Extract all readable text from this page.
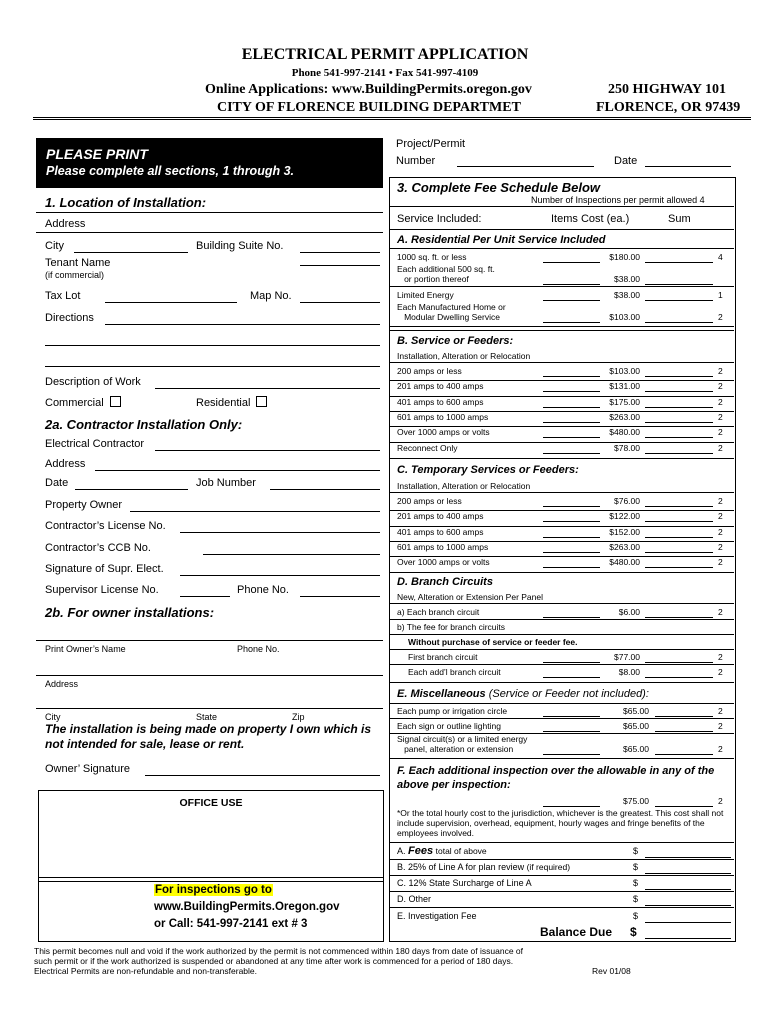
ELECTRICAL PERMIT APPLICATION
Phone 541-997-2141 • Fax 541-997-4109
Online Applications: www.BuildingPermits.oregon.gov
CITY OF FLORENCE BUILDING DEPARTMET
250 HIGHWAY 101
FLORENCE, OR 97439
PLEASE PRINT
Please complete all sections, 1 through 3.
1. Location of Installation:
Address
City	Building Suite No.
Tenant Name
(if commercial)
Tax Lot	Map No.
Directions
Description of Work
Commercial	Residential
2a. Contractor Installation Only:
Electrical Contractor
Address
Date	Job Number
Property Owner
Contractor’s License No.
Contractor’s CCB No.
Signature of Supr. Elect.
Supervisor License No.	Phone No.
2b. For owner installations:
Print Owner’s Name	Phone No.
Address
City	State	Zip
The installation is being made on property I own which is not intended for sale, lease or rent.
Owner’ Signature
OFFICE USE
For inspections go to
www.BuildingPermits.Oregon.gov
or Call: 541-997-2141 ext # 3
Project/Permit
Number	Date
3. Complete Fee Schedule Below
Number of Inspections per permit allowed 4
Service Included:	Items Cost (ea.)	Sum
A. Residential Per Unit Service Included
1000 sq. ft. or less	$180.00	4
Each additional 500 sq. ft.
or portion thereof	$38.00
Limited Energy	$38.00	1
Each Manufactured Home or
Modular Dwelling Service	$103.00	2
B. Service or Feeders:
Installation, Alteration or Relocation
200 amps or less	$103.00	2
201 amps to 400 amps	$131.00	2
401 amps to 600 amps	$175.00	2
601 amps to 1000 amps	$263.00	2
Over 1000 amps or volts	$480.00	2
Reconnect Only	$78.00	2
C. Temporary Services or Feeders:
Installation, Alteration or Relocation
200 amps or less	$76.00	2
201 amps to 400 amps	$122.00	2
401 amps to 600 amps	$152.00	2
601 amps to 1000 amps	$263.00	2
Over 1000 amps or volts	$480.00	2
D. Branch Circuits
New, Alteration or Extension Per Panel
a) Each branch circuit	$6.00	2
b) The fee for branch circuits
Without purchase of service or feeder fee.
First branch circuit	$77.00	2
Each add’l branch circuit	$8.00	2
E. Miscellaneous (Service or Feeder not included):
Each pump or irrigation circle	$65.00	2
Each sign or outline lighting	$65.00	2
Signal circuit(s) or a limited energy
panel, alteration or extension	$65.00	2
F. Each additional inspection over the allowable in any of the above per inspection:
$75.00	2
*Or the total hourly cost to the jurisdiction, whichever is the greatest. This cost shall not include supervision, overhead, equipment, hourly wages and fringe benefits of the employees involved.
A. Fees total of above	$
B. 25% of Line A for plan review (if required)	$
C. 12% State Surcharge of Line A	$
D. Other	$
E. Investigation Fee	$
Balance Due $
This permit becomes null and void if the work authorized by the permit is not commenced within 180 days from date of issuance of
such permit or if the work authorized is suspended or abandoned at any time after work is commenced for a period of 180 days.
Electrical Permits are non-refundable and non-transferable.	Rev 01/08
